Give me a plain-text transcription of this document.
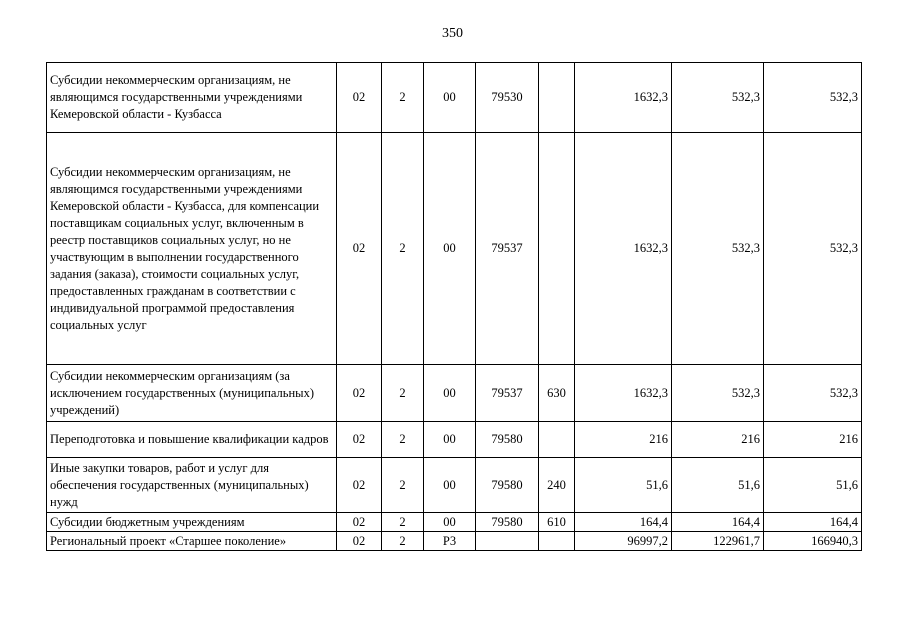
350
Субсидии некоммерческим организациям, не являющимся государственными учреждениями Кемеровской области - Кузбасса	02	2	00	79530		1632,3	532,3	532,3
Субсидии некоммерческим организациям, не являющимся государственными учреждениями Кемеровской области - Кузбасса, для компенсации поставщикам социальных услуг, включенным в реестр поставщиков социальных услуг, но не участвующим в выполнении государственного задания (заказа), стоимости социальных услуг, предоставленных гражданам в соответствии с индивидуальной программой предоставления социальных услуг	02	2	00	79537		1632,3	532,3	532,3
Субсидии некоммерческим организациям (за исключением государственных (муниципальных) учреждений)	02	2	00	79537	630	1632,3	532,3	532,3
Переподготовка и повышение квалификации кадров	02	2	00	79580		216	216	216
Иные закупки товаров, работ и услуг для обеспечения государственных (муниципальных) нужд	02	2	00	79580	240	51,6	51,6	51,6
Субсидии бюджетным учреждениям	02	2	00	79580	610	164,4	164,4	164,4
Региональный проект «Старшее поколение»	02	2	P3			96997,2	122961,7	166940,3
